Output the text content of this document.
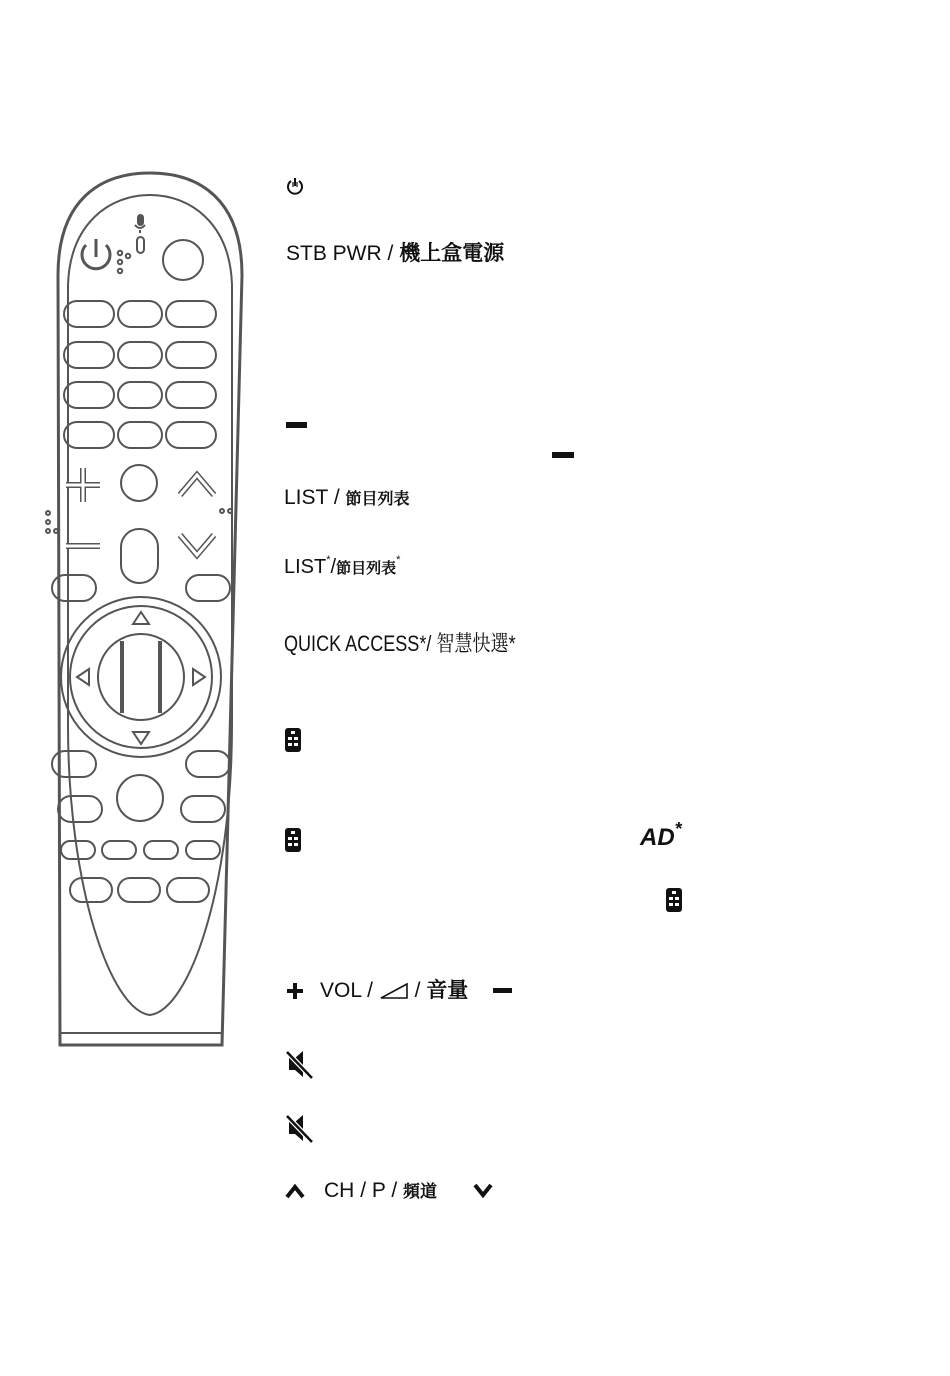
STB PWR / 機上盒電源
LIST / 節目列表
LIST*/節目列表*
QUICK ACCESS*/ 智慧快選*
AD*
VOL / / 音量
CH / P / 頻道
